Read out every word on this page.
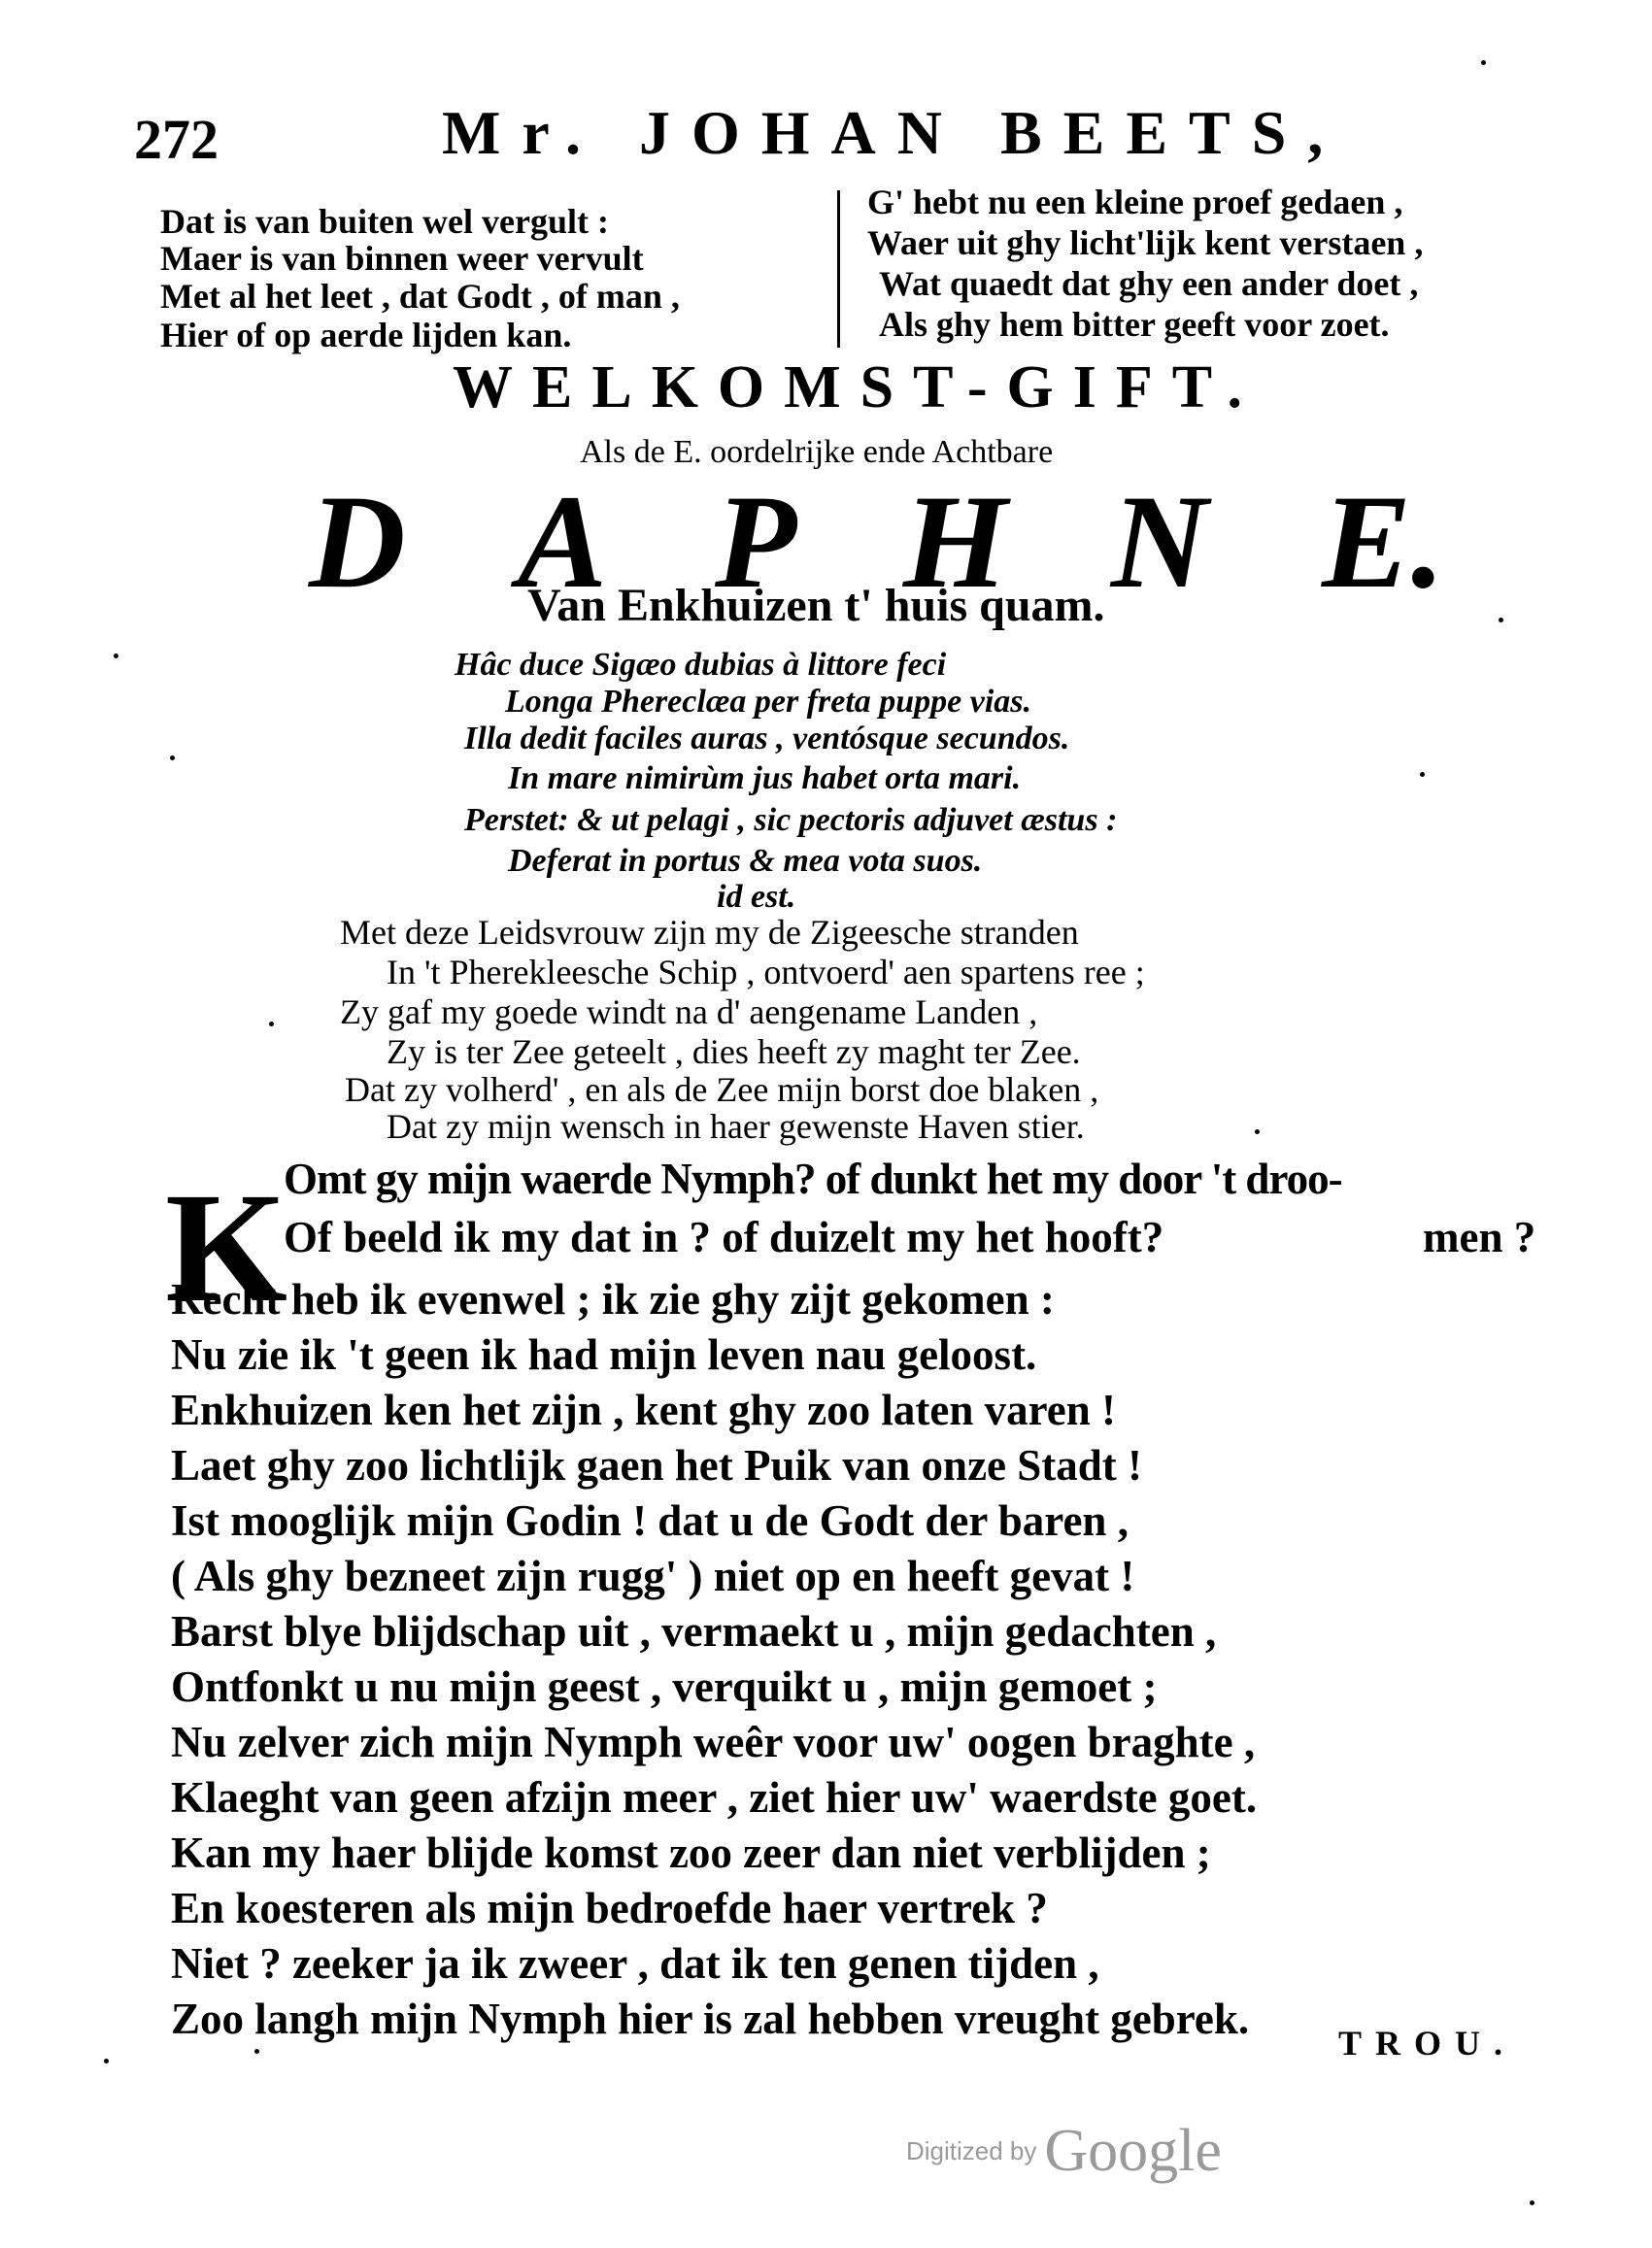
272	Mr. JOHAN BEETS,
Dat is van buiten wel vergult :
Maer is van binnen weer vervult
Met al het leet , dat Godt , of man ,
Hier of op aerde lijden kan.
G' hebt nu een kleine proef gedaen ,
Waer uit ghy licht'lijk kent verstaen ,
Wat quaedt dat ghy een ander doet ,
Als ghy hem bitter geeft voor zoet.
WELKOMST-GIFT.
Als de E. oordelrijke ende Achtbare
D A P H N E.
Van Enkhuizen t' huis quam.
Hâc duce Sigæo dubias à littore feci
Longa Phereclæa per freta puppe vias.
Illa dedit faciles auras , ventósque secundos.
In mare nimirùm jus habet orta mari.
Perstet: & ut pelagi , sic pectoris adjuvet æstus :
Deferat in portus & mea vota suos.
id est.
Met deze Leidsvrouw zijn my de Zigeesche stranden
In 't Pherekleesche Schip , ontvoerd' aen spartens ree ;
Zy gaf my goede windt na d' aengename Landen ,
Zy is ter Zee geteelt , dies heeft zy maght ter Zee.
Dat zy volherd' , en als de Zee mijn borst doe blaken ,
Dat zy mijn wensch in haer gewenste Haven stier.
K
Omt gy mijn waerde Nymph? of dunkt het my door 't droo-
Of beeld ik my dat in ? of duizelt my het hooft?	men ?
Recht heb ik evenwel ; ik zie ghy zijt gekomen :
Nu zie ik 't geen ik had mijn leven nau geloost.
Enkhuizen ken het zijn , kent ghy zoo laten varen !
Laet ghy zoo lichtlijk gaen het Puik van onze Stadt !
Ist mooglijk mijn Godin ! dat u de Godt der baren ,
( Als ghy bezneet zijn rugg' ) niet op en heeft gevat !
Barst blye blijdschap uit , vermaekt u , mijn gedachten ,
Ontfonkt u nu mijn geest , verquikt u , mijn gemoet ;
Nu zelver zich mijn Nymph weêr voor uw' oogen braghte ,
Klaeght van geen afzijn meer , ziet hier uw' waerdste goet.
Kan my haer blijde komst zoo zeer dan niet verblijden ;
En koesteren als mijn bedroefde haer vertrek ?
Niet ? zeeker ja ik zweer , dat ik ten genen tijden ,
Zoo langh mijn Nymph hier is zal hebben vreught gebrek.	TROU.
Digitized by Google
